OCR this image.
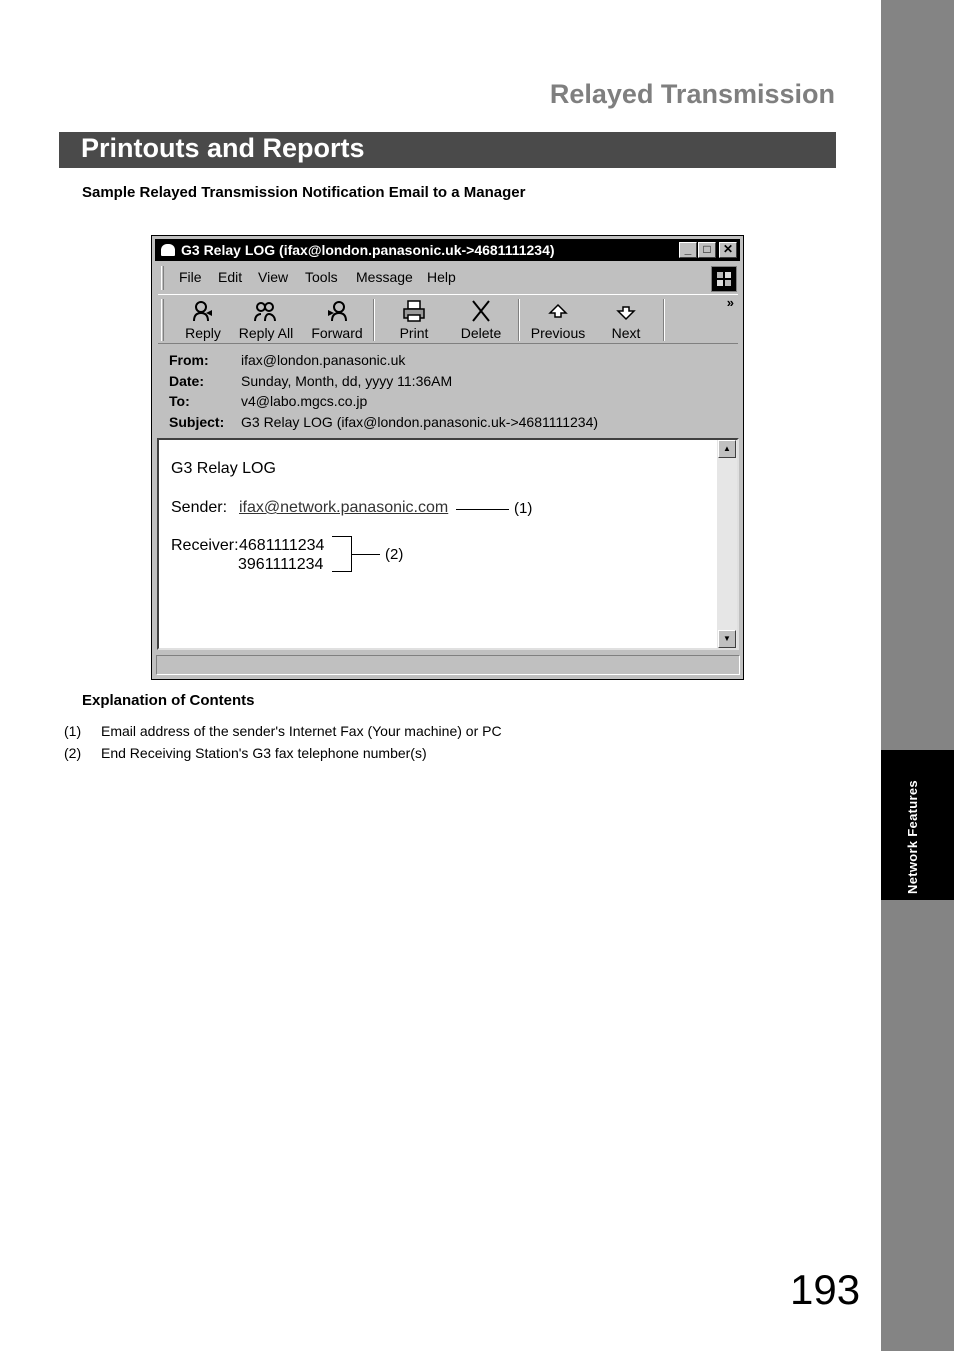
Network Features
Relayed Transmission
Printouts and Reports
Sample Relayed Transmission Notification Email to a Manager
G3 Relay LOG (ifax@london.panasonic.uk->4681111234)	_	□	✕
File Edit View Tools Message Help
Reply	Reply All	Forward	Print	Delete	Previous	Next
»
From: ifax@london.panasonic.uk
Date:	Sunday, Month, dd, yyyy 11:36AM
To:	v4@labo.mgcs.co.jp
Subject: G3 Relay LOG (ifax@london.panasonic.uk->4681111234)
G3 Relay LOG
Sender: ifax@network.panasonic.com	(1)
Receiver: 4681111234
3961111234
(2)
▲
▼
Explanation of Contents
(1) Email address of the sender's Internet Fax (Your machine) or PC
(2) End Receiving Station's G3 fax telephone number(s)
193
